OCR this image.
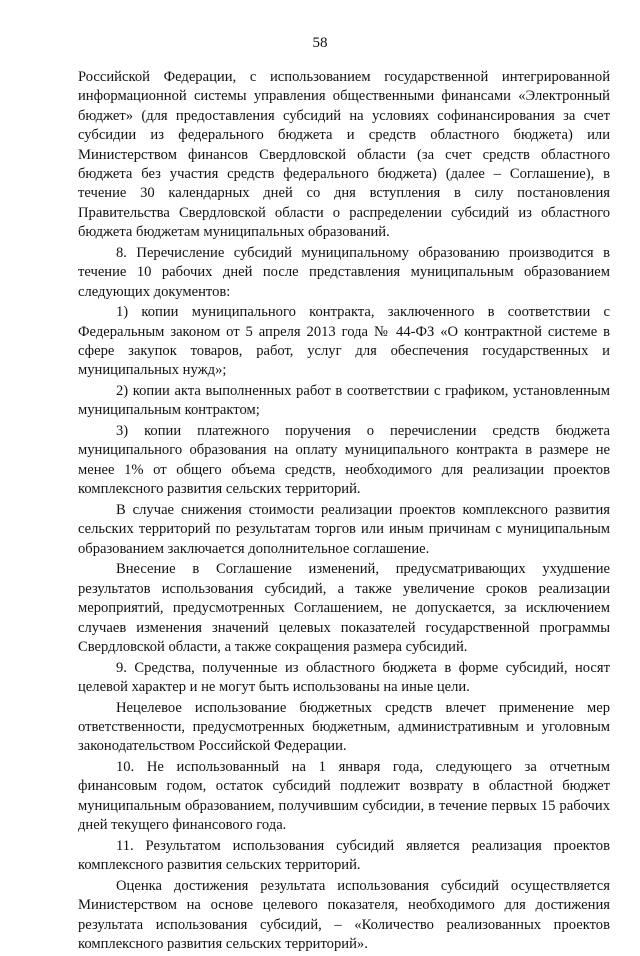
58

Российской Федерации, с использованием государственной интегрированной информационной системы управления общественными финансами «Электронный бюджет» (для предоставления субсидий на условиях софинансирования за счет субсидии из федерального бюджета и средств областного бюджета) или Министерством финансов Свердловской области (за счет средств областного бюджета без участия средств федерального бюджета) (далее – Соглашение), в течение 30 календарных дней со дня вступления в силу постановления Правительства Свердловской области о распределении субсидий из областного бюджета бюджетам муниципальных образований.

8. Перечисление субсидий муниципальному образованию производится в течение 10 рабочих дней после представления муниципальным образованием следующих документов:

1) копии муниципального контракта, заключенного в соответствии с Федеральным законом от 5 апреля 2013 года № 44-ФЗ «О контрактной системе в сфере закупок товаров, работ, услуг для обеспечения государственных и муниципальных нужд»;

2) копии акта выполненных работ в соответствии с графиком, установленным муниципальным контрактом;

3) копии платежного поручения о перечислении средств бюджета муниципального образования на оплату муниципального контракта в размере не менее 1% от общего объема средств, необходимого для реализации проектов комплексного развития сельских территорий.

В случае снижения стоимости реализации проектов комплексного развития сельских территорий по результатам торгов или иным причинам с муниципальным образованием заключается дополнительное соглашение.

Внесение в Соглашение изменений, предусматривающих ухудшение результатов использования субсидий, а также увеличение сроков реализации мероприятий, предусмотренных Соглашением, не допускается, за исключением случаев изменения значений целевых показателей государственной программы Свердловской области, а также сокращения размера субсидий.

9. Средства, полученные из областного бюджета в форме субсидий, носят целевой характер и не могут быть использованы на иные цели.

Нецелевое использование бюджетных средств влечет применение мер ответственности, предусмотренных бюджетным, административным и уголовным законодательством Российской Федерации.

10. Не использованный на 1 января года, следующего за отчетным финансовым годом, остаток субсидий подлежит возврату в областной бюджет муниципальным образованием, получившим субсидии, в течение первых 15 рабочих дней текущего финансового года.

11. Результатом использования субсидий является реализация проектов комплексного развития сельских территорий.

Оценка достижения результата использования субсидий осуществляется Министерством на основе целевого показателя, необходимого для достижения результата использования субсидий, – «Количество реализованных проектов комплексного развития сельских территорий».
